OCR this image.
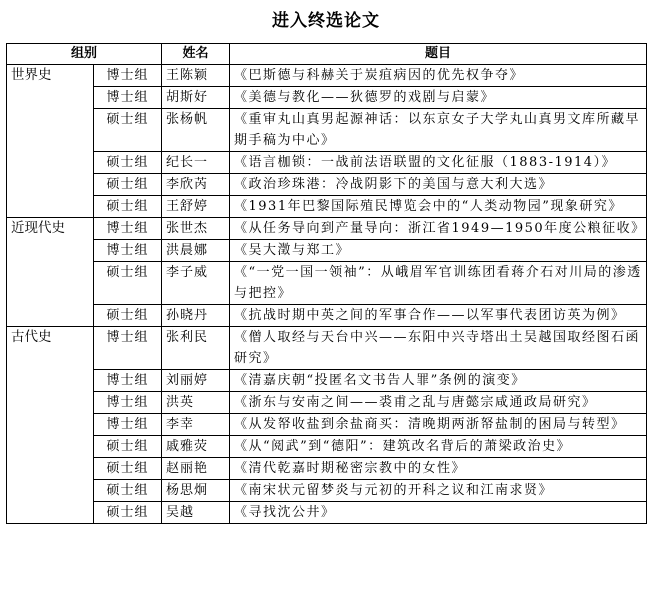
进入终选论文
组别		姓名	题目
世界史	博士组	王陈颖	《巴斯德与科赫关于炭疽病因的优先权争夺》
	博士组	胡斯好	《美德与教化——狄德罗的戏剧与启蒙》
	硕士组	张杨帆	《重审丸山真男起源神话：以东京女子大学丸山真男文库所藏早期手稿为中心》
	硕士组	纪长一	《语言枷锁：一战前法语联盟的文化征服（1883-1914）》
	硕士组	李欣芮	《政治珍珠港：冷战阴影下的美国与意大利大选》
	硕士组	王舒婷	《1931年巴黎国际殖民博览会中的“人类动物园”现象研究》
近现代史	博士组	张世杰	《从任务导向到产量导向：浙江省1949—1950年度公粮征收》
	博士组	洪晨娜	《吴大澂与郑工》
	硕士组	李子威	《“一党一国一领袖”：从峨眉军官训练团看蒋介石对川局的渗透与把控》
	硕士组	孙晓丹	《抗战时期中英之间的军事合作——以军事代表团访英为例》
古代史	博士组	张利民	《僧人取经与天台中兴——东阳中兴寺塔出土吴越国取经图石函研究》
	博士组	刘丽婷	《清嘉庆朝“投匿名文书告人罪”条例的演变》
	博士组	洪英	《浙东与安南之间——裘甫之乱与唐懿宗咸通政局研究》
	博士组	李幸	《从发帑收盐到余盐商买：清晚期两浙帑盐制的困局与转型》
	硕士组	戚雅荧	《从“阅武”到“德阳”：建筑改名背后的萧梁政治史》
	硕士组	赵丽艳	《清代乾嘉时期秘密宗教中的女性》
	硕士组	杨思炯	《南宋状元留梦炎与元初的开科之议和江南求贤》
	硕士组	吴越	《寻找沈公井》
